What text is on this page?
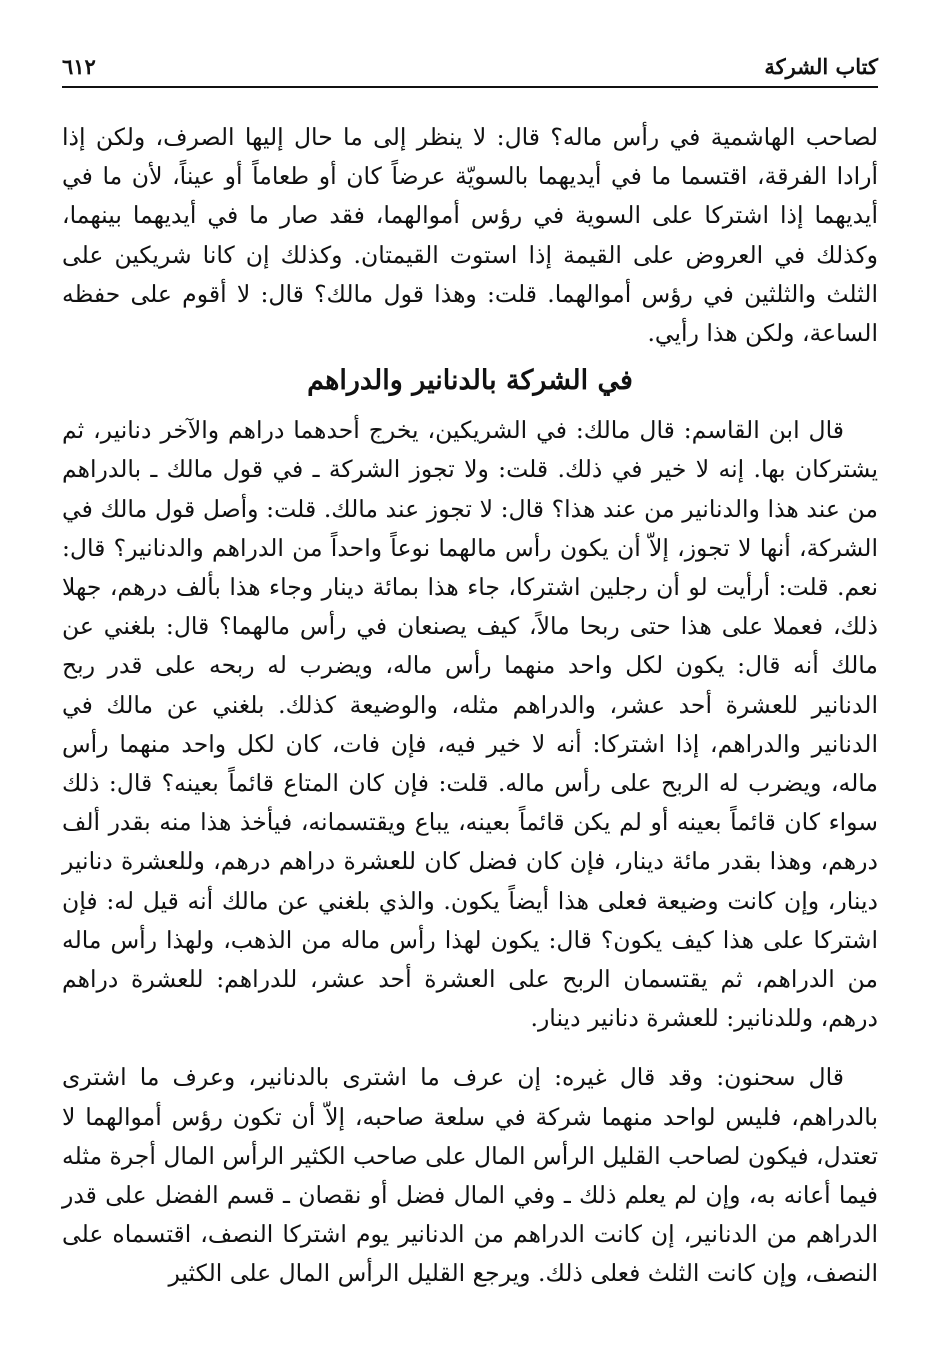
كتاب الشركة
٦١٢

لصاحب الهاشمية في رأس ماله؟ قال: لا ينظر إلى ما حال إليها الصرف، ولكن إذا أرادا الفرقة، اقتسما ما في أيديهما بالسويّة عرضاً كان أو طعاماً أو عيناً، لأن ما في أيديهما إذا اشتركا على السوية في رؤس أموالهما، فقد صار ما في أيديهما بينهما، وكذلك في العروض على القيمة إذا استوت القيمتان. وكذلك إن كانا شريكين على الثلث والثلثين في رؤس أموالهما. قلت: وهذا قول مالك؟ قال: لا أقوم على حفظه الساعة، ولكن هذا رأيي.

في الشركة بالدنانير والدراهم

قال ابن القاسم: قال مالك: في الشريكين، يخرج أحدهما دراهم والآخر دنانير، ثم يشتركان بها. إنه لا خير في ذلك. قلت: ولا تجوز الشركة ـ في قول مالك ـ بالدراهم من عند هذا والدنانير من عند هذا؟ قال: لا تجوز عند مالك. قلت: وأصل قول مالك في الشركة، أنها لا تجوز، إلاّ أن يكون رأس مالهما نوعاً واحداً من الدراهم والدنانير؟ قال: نعم. قلت: أرأيت لو أن رجلين اشتركا، جاء هذا بمائة دينار وجاء هذا بألف درهم، جهلا ذلك، فعملا على هذا حتى ربحا مالاً، كيف يصنعان في رأس مالهما؟ قال: بلغني عن مالك أنه قال: يكون لكل واحد منهما رأس ماله، ويضرب له ربحه على قدر ربح الدنانير للعشرة أحد عشر، والدراهم مثله، والوضيعة كذلك. بلغني عن مالك في الدنانير والدراهم، إذا اشتركا: أنه لا خير فيه، فإن فات، كان لكل واحد منهما رأس ماله، ويضرب له الربح على رأس ماله. قلت: فإن كان المتاع قائماً بعينه؟ قال: ذلك سواء كان قائماً بعينه أو لم يكن قائماً بعينه، يباع ويقتسمانه، فيأخذ هذا منه بقدر ألف درهم، وهذا بقدر مائة دينار، فإن كان فضل كان للعشرة دراهم درهم، وللعشرة دنانير دينار، وإن كانت وضيعة فعلى هذا أيضاً يكون. والذي بلغني عن مالك أنه قيل له: فإن اشتركا على هذا كيف يكون؟ قال: يكون لهذا رأس ماله من الذهب، ولهذا رأس ماله من الدراهم، ثم يقتسمان الربح على العشرة أحد عشر، للدراهم: للعشرة دراهم درهم، وللدنانير: للعشرة دنانير دينار.

قال سحنون: وقد قال غيره: إن عرف ما اشترى بالدنانير، وعرف ما اشترى بالدراهم، فليس لواحد منهما شركة في سلعة صاحبه، إلاّ أن تكون رؤس أموالهما لا تعتدل، فيكون لصاحب القليل الرأس المال على صاحب الكثير الرأس المال أجرة مثله فيما أعانه به، وإن لم يعلم ذلك ـ وفي المال فضل أو نقصان ـ قسم الفضل على قدر الدراهم من الدنانير، إن كانت الدراهم من الدنانير يوم اشتركا النصف، اقتسماه على النصف، وإن كانت الثلث فعلى ذلك. ويرجع القليل الرأس المال على الكثير
